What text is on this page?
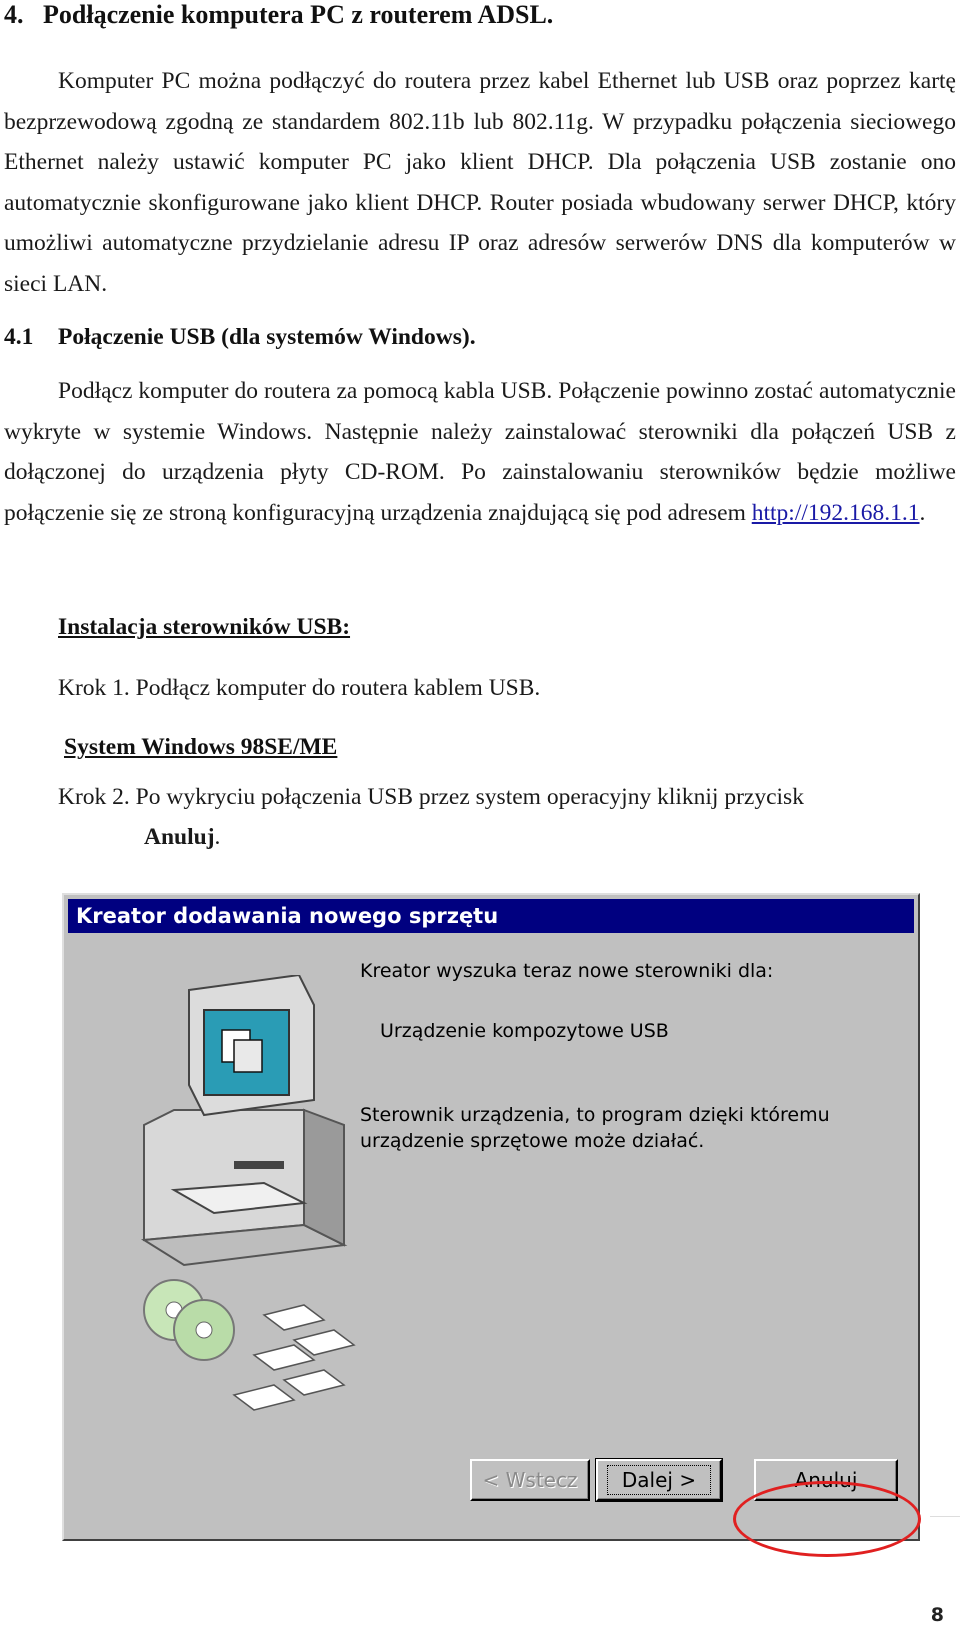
4. Podłączenie komputera PC z routerem ADSL.

Komputer PC można podłączyć do routera przez kabel Ethernet lub USB oraz poprzez kartę bezprzewodową zgodną ze standardem 802.11b lub 802.11g. W przypadku połączenia sieciowego Ethernet należy ustawić komputer PC jako klient DHCP. Dla połączenia USB zostanie ono automatycznie skonfigurowane jako klient DHCP. Router posiada wbudowany serwer DHCP, który umożliwi automatyczne przydzielanie adresu IP oraz adresów serwerów DNS dla komputerów w sieci LAN.

4.1 Połączenie USB (dla systemów Windows).

Podłącz komputer do routera za pomocą kabla USB. Połączenie powinno zostać automatycznie wykryte w systemie Windows. Następnie należy zainstalować sterowniki dla połączeń USB z dołączonej do urządzenia płyty CD-ROM. Po zainstalowaniu sterowników będzie możliwe połączenie się ze stroną konfiguracyjną urządzenia znajdującą się pod adresem http://192.168.1.1.

Instalacja sterowników USB:
Krok 1. Podłącz komputer do routera kablem USB.
System Windows 98SE/ME
Krok 2. Po wykryciu połączenia USB przez system operacyjny kliknij przycisk
Anuluj.
Kreator dodawania nowego sprzętu
Kreator wyszuka teraz nowe sterowniki dla:
Urządzenie kompozytowe USB
Sterownik urządzenia, to program dzięki któremu
urządzenie sprzętowe może działać.
< Wstecz	Dalej >	Anuluj
8
